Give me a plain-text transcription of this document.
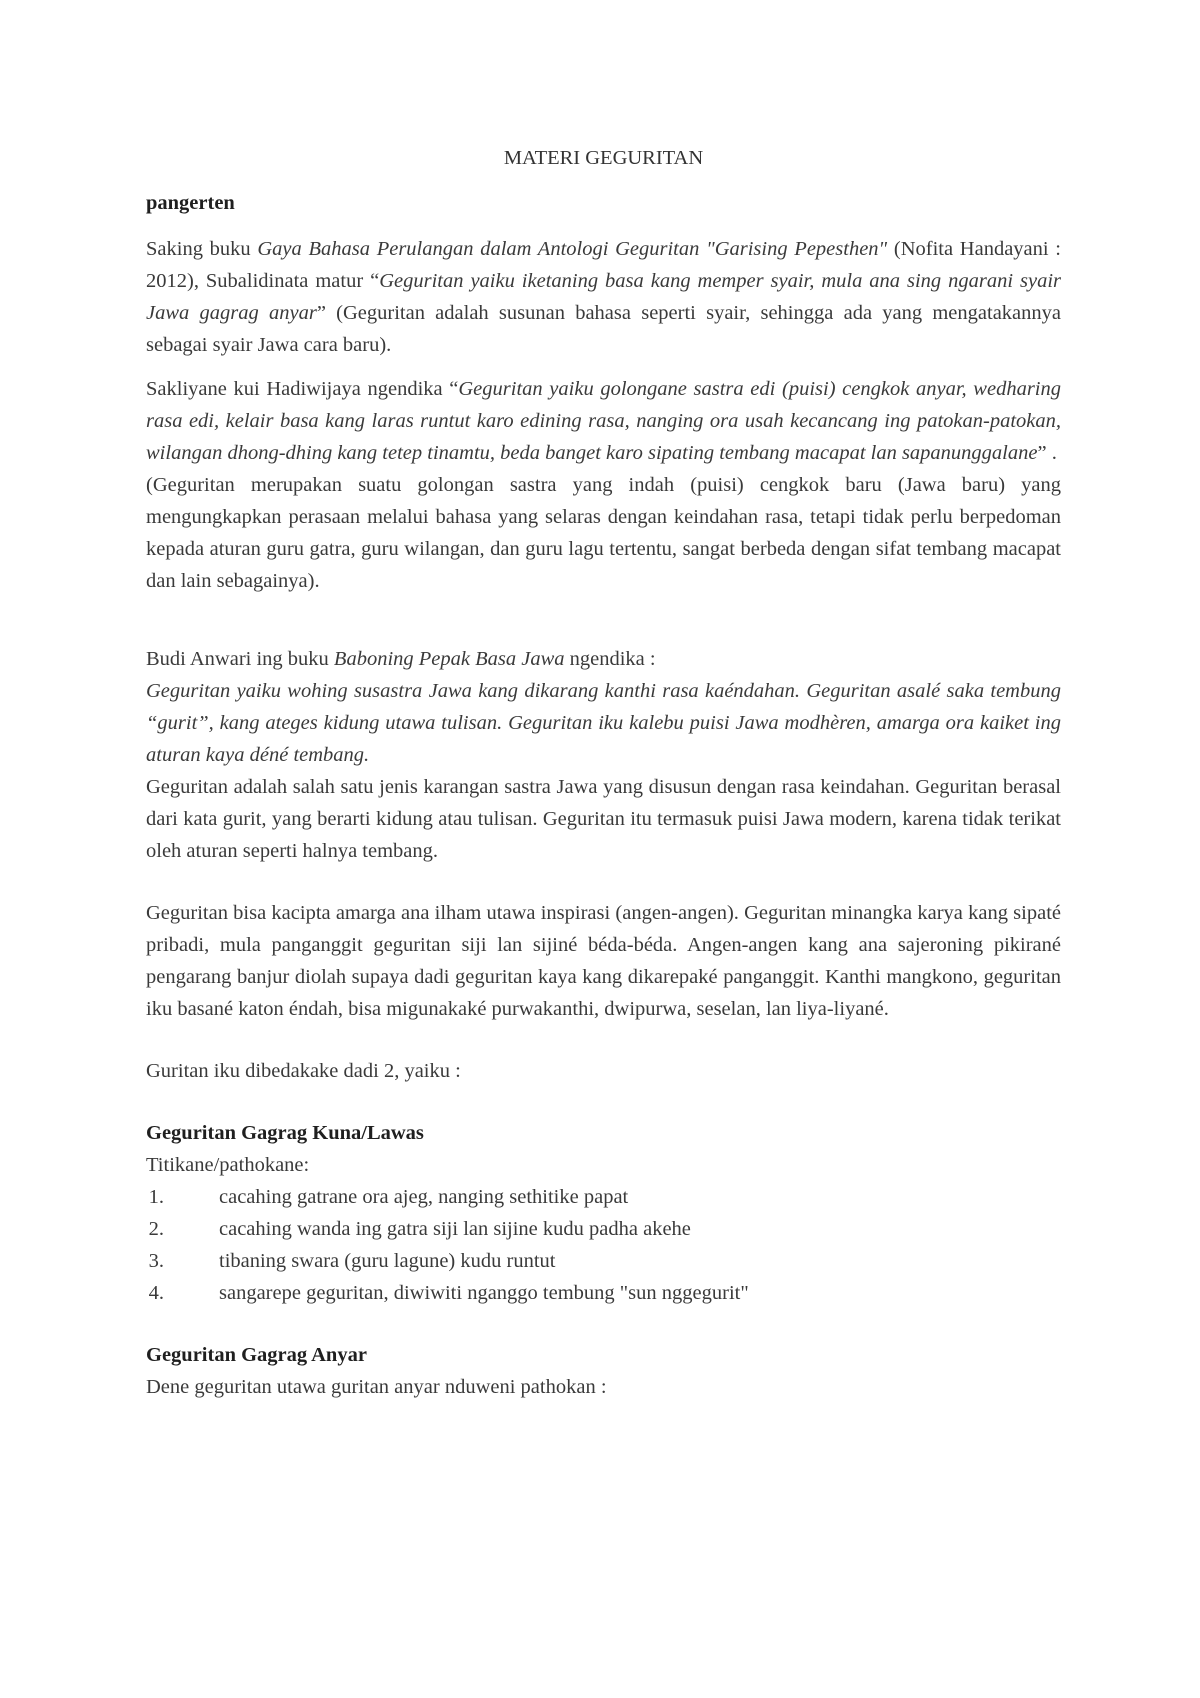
MATERI GEGURITAN
pangerten

Saking buku Gaya Bahasa Perulangan dalam Antologi Geguritan "Garising Pepesthen" (Nofita Handayani : 2012), Subalidinata matur “Geguritan yaiku iketaning basa kang memper syair, mula ana sing ngarani syair Jawa gagrag anyar” (Geguritan adalah susunan bahasa seperti syair, sehingga ada yang mengatakannya sebagai syair Jawa cara baru).

Sakliyane kui Hadiwijaya ngendika “Geguritan yaiku golongane sastra edi (puisi) cengkok anyar, wedharing rasa edi, kelair basa kang laras runtut karo edining rasa, nanging ora usah kecancang ing patokan-patokan, wilangan dhong-dhing kang tetep tinamtu, beda banget karo sipating tembang macapat lan sapanunggalane” .

(Geguritan merupakan suatu golongan sastra yang indah (puisi) cengkok baru (Jawa baru) yang mengungkapkan perasaan melalui bahasa yang selaras dengan keindahan rasa, tetapi tidak perlu berpedoman kepada aturan guru gatra, guru wilangan, dan guru lagu tertentu, sangat berbeda dengan sifat tembang macapat dan lain sebagainya).

Budi Anwari ing buku Baboning Pepak Basa Jawa ngendika :

Geguritan yaiku wohing susastra Jawa kang dikarang kanthi rasa kaéndahan. Geguritan asalé saka tembung “gurit”, kang ateges kidung utawa tulisan. Geguritan iku kalebu puisi Jawa modhèren, amarga ora kaiket ing aturan kaya déné tembang.

Geguritan adalah salah satu jenis karangan sastra Jawa yang disusun dengan rasa keindahan. Geguritan berasal dari kata gurit, yang berarti kidung atau tulisan. Geguritan itu termasuk puisi Jawa modern, karena tidak terikat oleh aturan seperti halnya tembang.

Geguritan bisa kacipta amarga ana ilham utawa inspirasi (angen-angen). Geguritan minangka karya kang sipaté pribadi, mula panganggit geguritan siji lan sijiné béda-béda. Angen-angen kang ana sajeroning pikirané pengarang banjur diolah supaya dadi geguritan kaya kang dikarepaké panganggit. Kanthi mangkono, geguritan iku basané katon éndah, bisa migunakaké purwakanthi, dwipurwa, seselan, lan liya-liyané.

Guritan iku dibedakake dadi 2, yaiku :

Geguritan Gagrag Kuna/Lawas

Titikane/pathokane:

1.	cacahing gatrane ora ajeg, nanging sethitike papat
2.	cacahing wanda ing gatra siji lan sijine kudu padha akehe
3.	tibaning swara (guru lagune) kudu runtut
4.	sangarepe geguritan, diwiwiti nganggo tembung "sun nggegurit"

Geguritan Gagrag Anyar

Dene geguritan utawa guritan anyar nduweni pathokan :
